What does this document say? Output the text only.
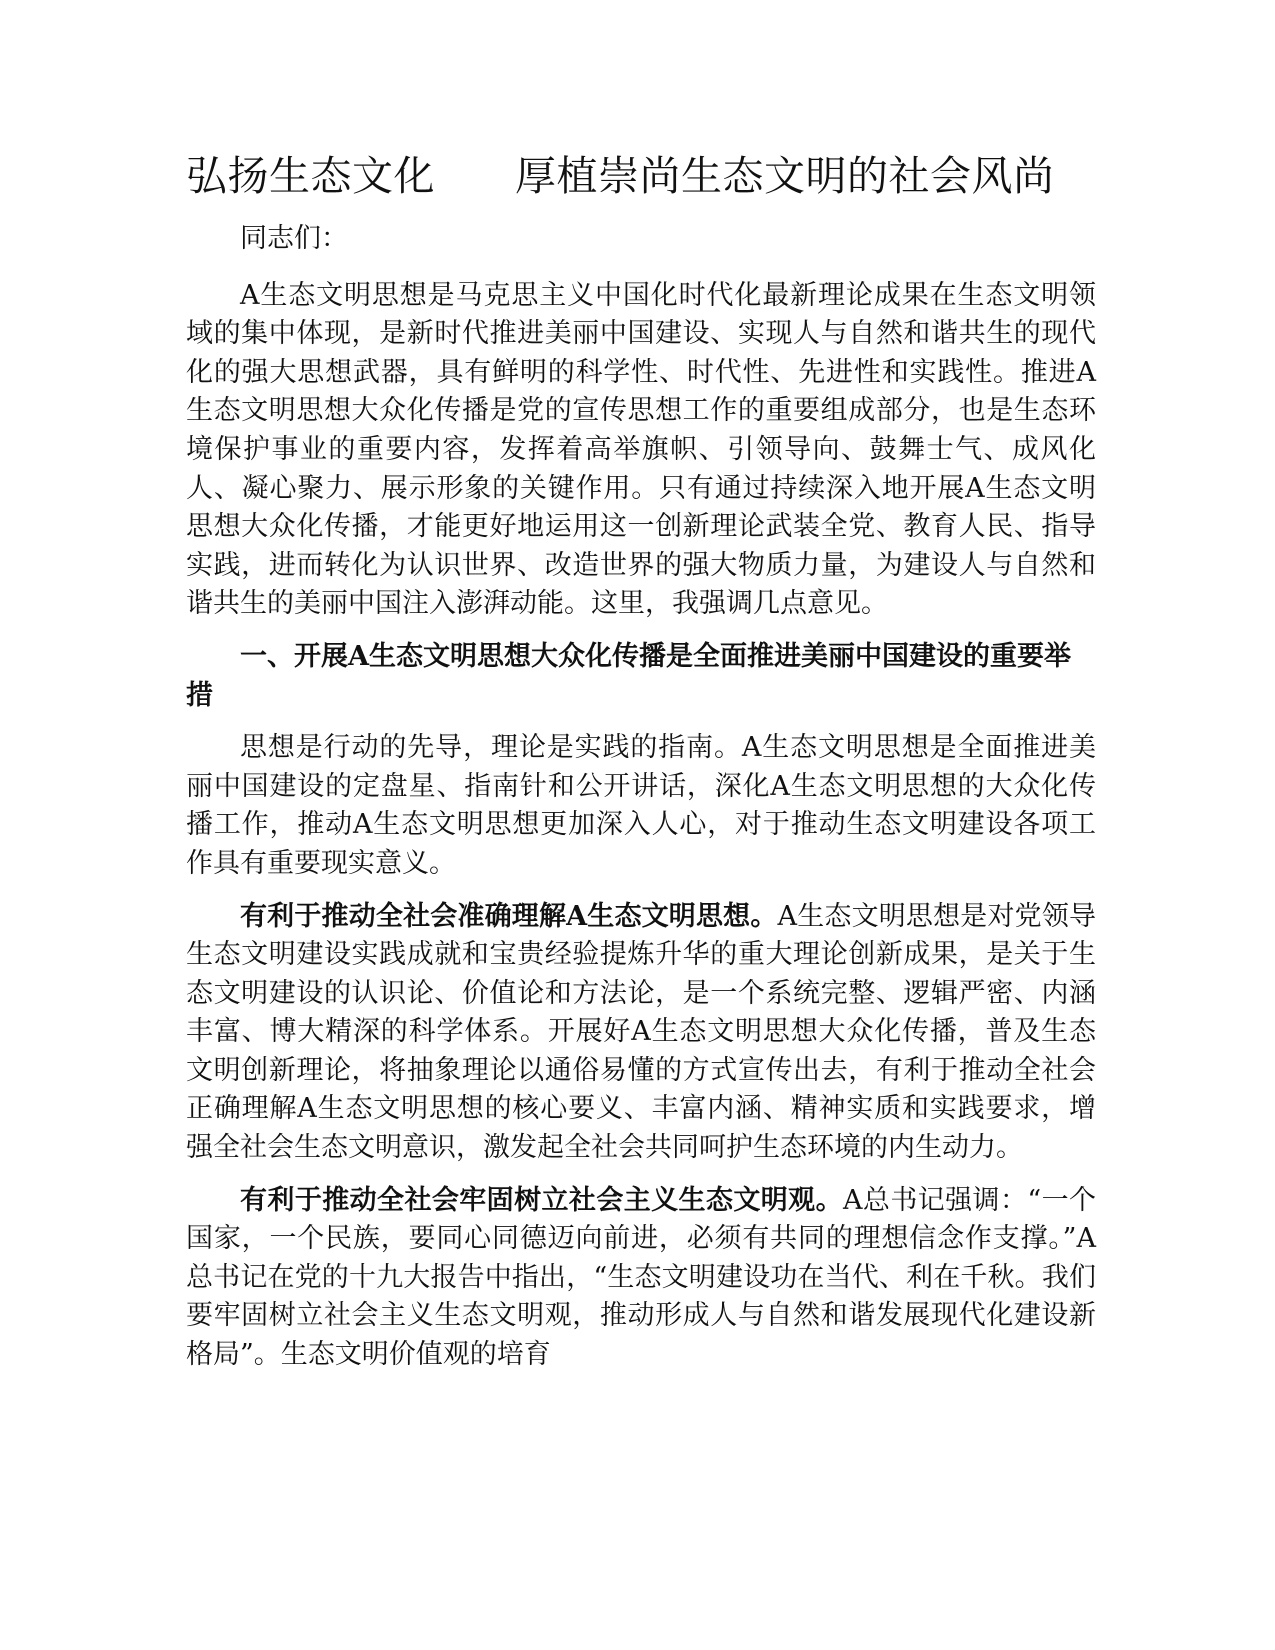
弘扬生态文化 厚植崇尚生态文明的社会风尚

同志们：

A生态文明思想是马克思主义中国化时代化最新理论成果在生态文明领域的集中体现，是新时代推进美丽中国建设、实现人与自然和谐共生的现代化的强大思想武器，具有鲜明的科学性、时代性、先进性和实践性。推进A生态文明思想大众化传播是党的宣传思想工作的重要组成部分，也是生态环境保护事业的重要内容，发挥着高举旗帜、引领导向、鼓舞士气、成风化人、凝心聚力、展示形象的关键作用。只有通过持续深入地开展A生态文明思想大众化传播，才能更好地运用这一创新理论武装全党、教育人民、指导实践，进而转化为认识世界、改造世界的强大物质力量，为建设人与自然和谐共生的美丽中国注入澎湃动能。这里，我强调几点意见。

一、开展A生态文明思想大众化传播是全面推进美丽中国建设的重要举措

思想是行动的先导，理论是实践的指南。A生态文明思想是全面推进美丽中国建设的定盘星、指南针和公开讲话，深化A生态文明思想的大众化传播工作，推动A生态文明思想更加深入人心，对于推动生态文明建设各项工作具有重要现实意义。

有利于推动全社会准确理解A生态文明思想。A生态文明思想是对党领导生态文明建设实践成就和宝贵经验提炼升华的重大理论创新成果，是关于生态文明建设的认识论、价值论和方法论，是一个系统完整、逻辑严密、内涵丰富、博大精深的科学体系。开展好A生态文明思想大众化传播，普及生态文明创新理论，将抽象理论以通俗易懂的方式宣传出去，有利于推动全社会正确理解A生态文明思想的核心要义、丰富内涵、精神实质和实践要求，增强全社会生态文明意识，激发起全社会共同呵护生态环境的内生动力。

有利于推动全社会牢固树立社会主义生态文明观。A总书记强调：“一个国家，一个民族，要同心同德迈向前进，必须有共同的理想信念作支撑。”A总书记在党的十九大报告中指出，“生态文明建设功在当代、利在千秋。我们要牢固树立社会主义生态文明观，推动形成人与自然和谐发展现代化建设新格局”。生态文明价值观的培育
